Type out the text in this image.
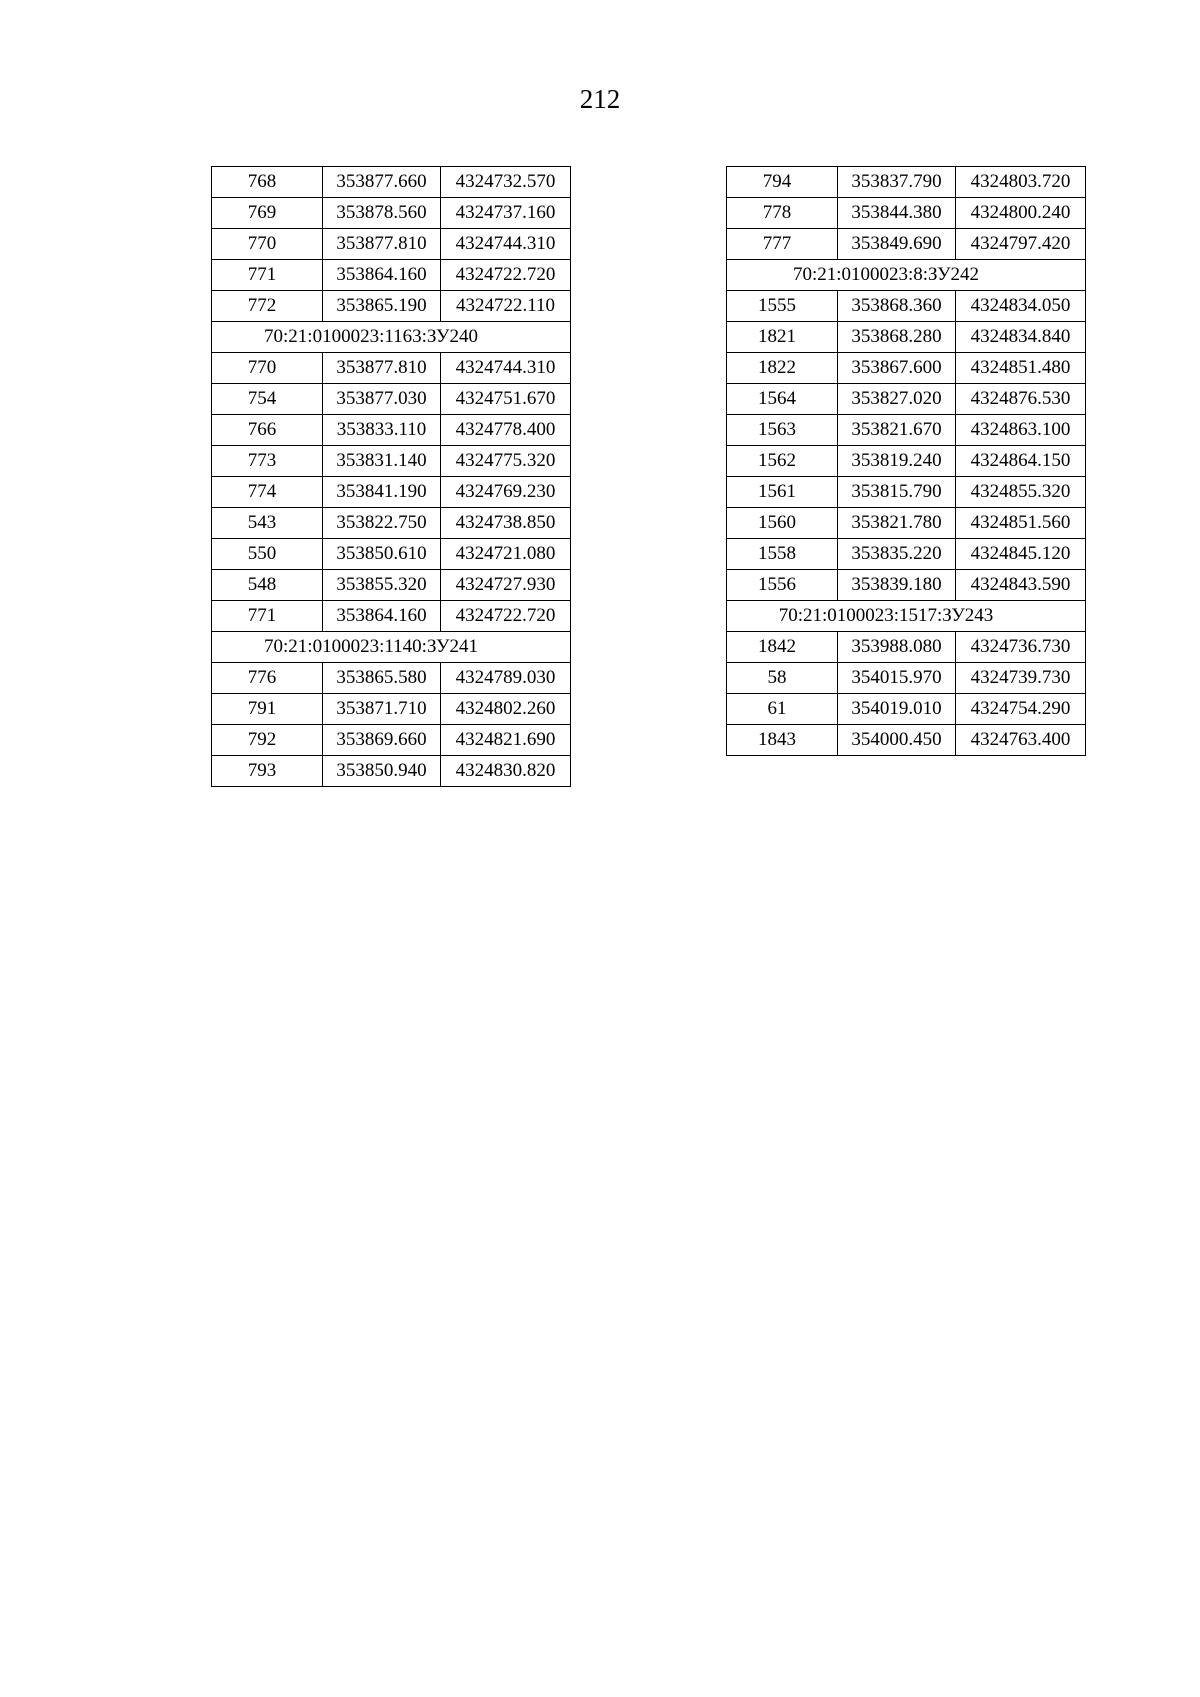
212
768	353877.660	4324732.570
769	353878.560	4324737.160
770	353877.810	4324744.310
771	353864.160	4324722.720
772	353865.190	4324722.110
70:21:0100023:1163:ЗУ240		
770	353877.810	4324744.310
754	353877.030	4324751.670
766	353833.110	4324778.400
773	353831.140	4324775.320
774	353841.190	4324769.230
543	353822.750	4324738.850
550	353850.610	4324721.080
548	353855.320	4324727.930
771	353864.160	4324722.720
70:21:0100023:1140:ЗУ241		
776	353865.580	4324789.030
791	353871.710	4324802.260
792	353869.660	4324821.690
793	353850.940	4324830.820
794	353837.790	4324803.720
778	353844.380	4324800.240
777	353849.690	4324797.420
70:21:0100023:8:ЗУ242		
1555	353868.360	4324834.050
1821	353868.280	4324834.840
1822	353867.600	4324851.480
1564	353827.020	4324876.530
1563	353821.670	4324863.100
1562	353819.240	4324864.150
1561	353815.790	4324855.320
1560	353821.780	4324851.560
1558	353835.220	4324845.120
1556	353839.180	4324843.590
70:21:0100023:1517:ЗУ243		
1842	353988.080	4324736.730
58	354015.970	4324739.730
61	354019.010	4324754.290
1843	354000.450	4324763.400
